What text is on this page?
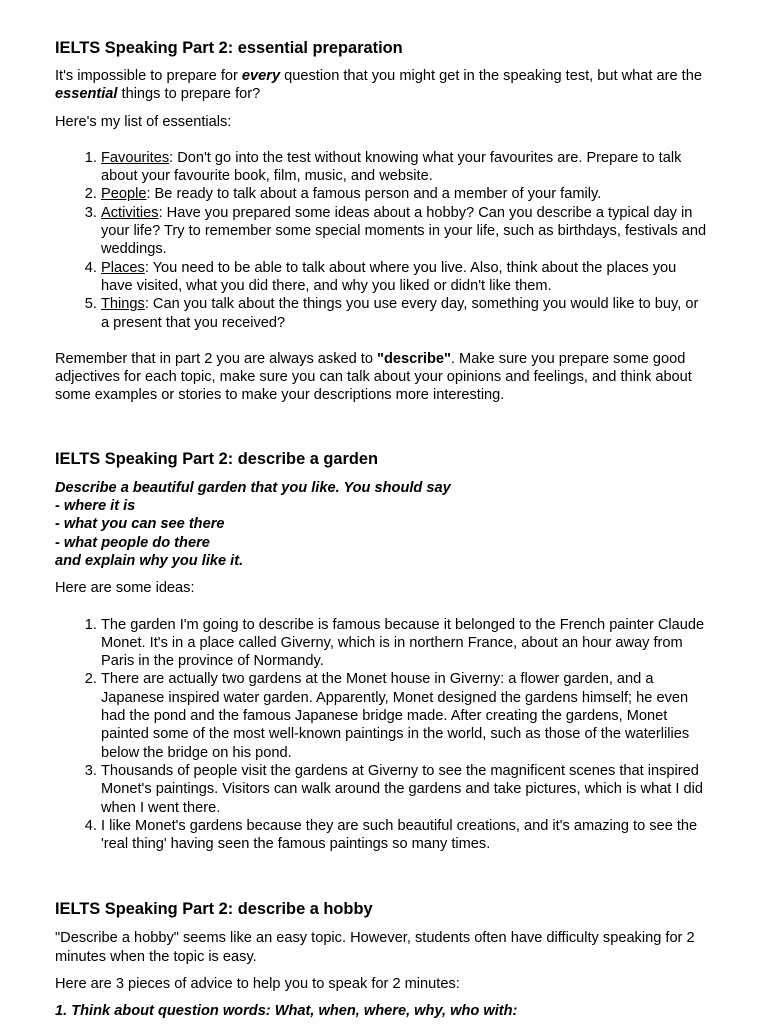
IELTS Speaking Part 2: essential preparation

It's impossible to prepare for every question that you might get in the speaking test, but what are the essential things to prepare for?

Here's my list of essentials:

1. Favourites: Don't go into the test without knowing what your favourites are. Prepare to talk about your favourite book, film, music, and website.
2. People: Be ready to talk about a famous person and a member of your family.
3. Activities: Have you prepared some ideas about a hobby? Can you describe a typical day in your life? Try to remember some special moments in your life, such as birthdays, festivals and weddings.
4. Places: You need to be able to talk about where you live. Also, think about the places you have visited, what you did there, and why you liked or didn't like them.
5. Things: Can you talk about the things you use every day, something you would like to buy, or a present that you received?

Remember that in part 2 you are always asked to "describe". Make sure you prepare some good adjectives for each topic, make sure you can talk about your opinions and feelings, and think about some examples or stories to make your descriptions more interesting.

IELTS Speaking Part 2: describe a garden
Describe a beautiful garden that you like. You should say
- where it is
- what you can see there
- what people do there
and explain why you like it.

Here are some ideas:

1. The garden I'm going to describe is famous because it belonged to the French painter Claude Monet. It's in a place called Giverny, which is in northern France, about an hour away from Paris in the province of Normandy.
2. There are actually two gardens at the Monet house in Giverny: a flower garden, and a Japanese inspired water garden. Apparently, Monet designed the gardens himself; he even had the pond and the famous Japanese bridge made. After creating the gardens, Monet painted some of the most well-known paintings in the world, such as those of the waterlilies below the bridge on his pond.
3. Thousands of people visit the gardens at Giverny to see the magnificent scenes that inspired Monet's paintings. Visitors can walk around the gardens and take pictures, which is what I did when I went there.
4. I like Monet's gardens because they are such beautiful creations, and it's amazing to see the 'real thing' having seen the famous paintings so many times.
IELTS Speaking Part 2: describe a hobby

"Describe a hobby" seems like an easy topic. However, students often have difficulty speaking for 2 minutes when the topic is easy.

Here are 3 pieces of advice to help you to speak for 2 minutes:

1. Think about question words: What, when, where, why, who with:
